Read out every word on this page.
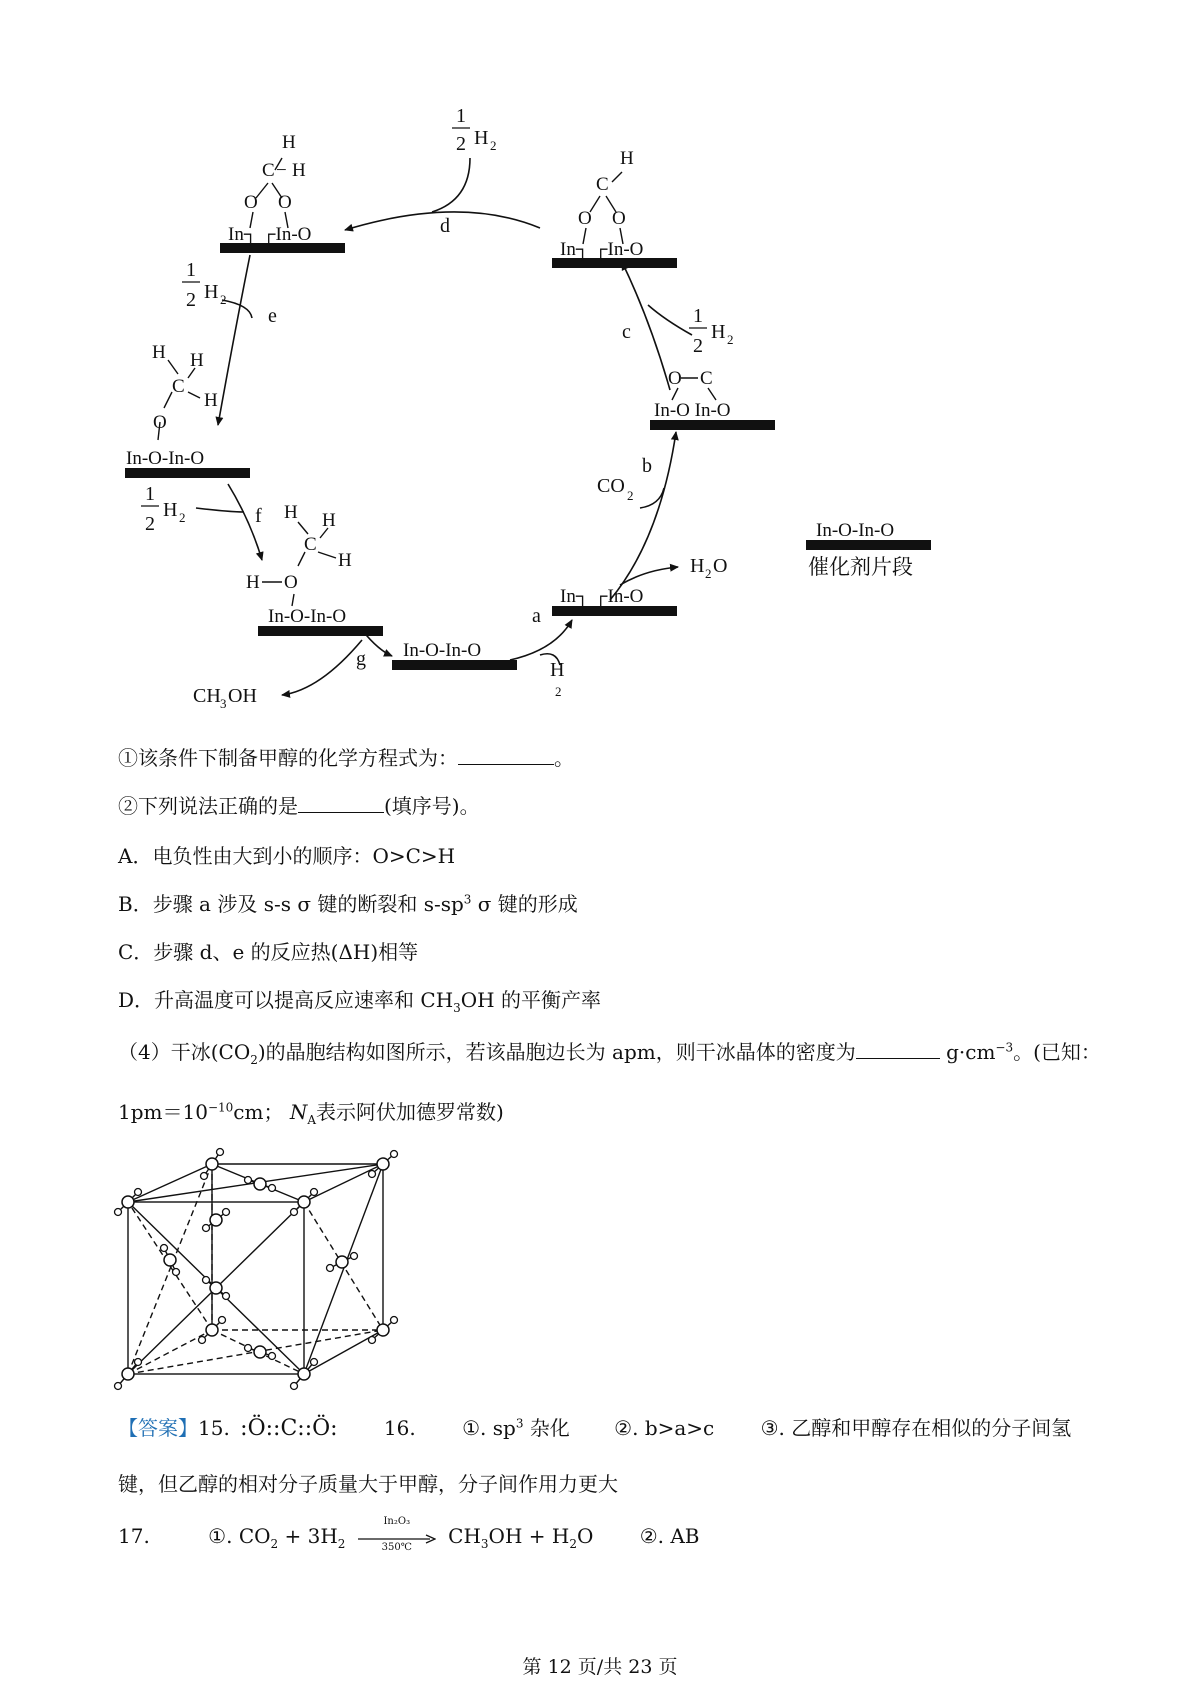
d
e
f
g
a
b
c
1
2 H 2
1
2 H 2
1
2
H 2
1
2
H 2
H
2
CO 2
H 2 O
CH 3 OH
H
C − H
O O
H
C
O O
O C
H H
C
H
O
H H
C
H
H O
In┐ ┌In-O
In┐ ┌In-O
In-O In-O
In-O-In-O
In-O-In-O
In-O-In-O
In┐ ┌In-O
In-O-In-O
催化剂片段
①该条件下制备甲醇的化学方程式为：	。
②下列说法正确的是	(填序号)。
A．电负性由大到小的顺序：O>C>H
B．步骤 a 涉及 s-s σ 键的断裂和 $s-sp^3$ σ 键的形成
C．步骤 d、e 的反应热(ΔH)相等
D．升高温度可以提高反应速率和 $CH_3OH$ 的平衡产率
（4）干冰$(CO_2)$的晶胞结构如图所示，若该晶胞边长为 apm，则干冰晶体的密度为	$g\cdot cm^{-3}$。(已知：
$1pm=10^{-10}cm$； $N_A$表示阿伏加德罗常数)
【答案】15. :Ö::C::Ö: 16. ①. $sp^3$ 杂化 ②. b>a>c ③. 乙醇和甲醇存在相似的分子间氢
键，但乙醇的相对分子质量大于甲醇，分子间作用力更大
17.	①. $CO_2 + 3H_2$
In₂O₃
350℃	$CH_3OH + H_2O$ ②. AB
第 12 页/共 23 页
